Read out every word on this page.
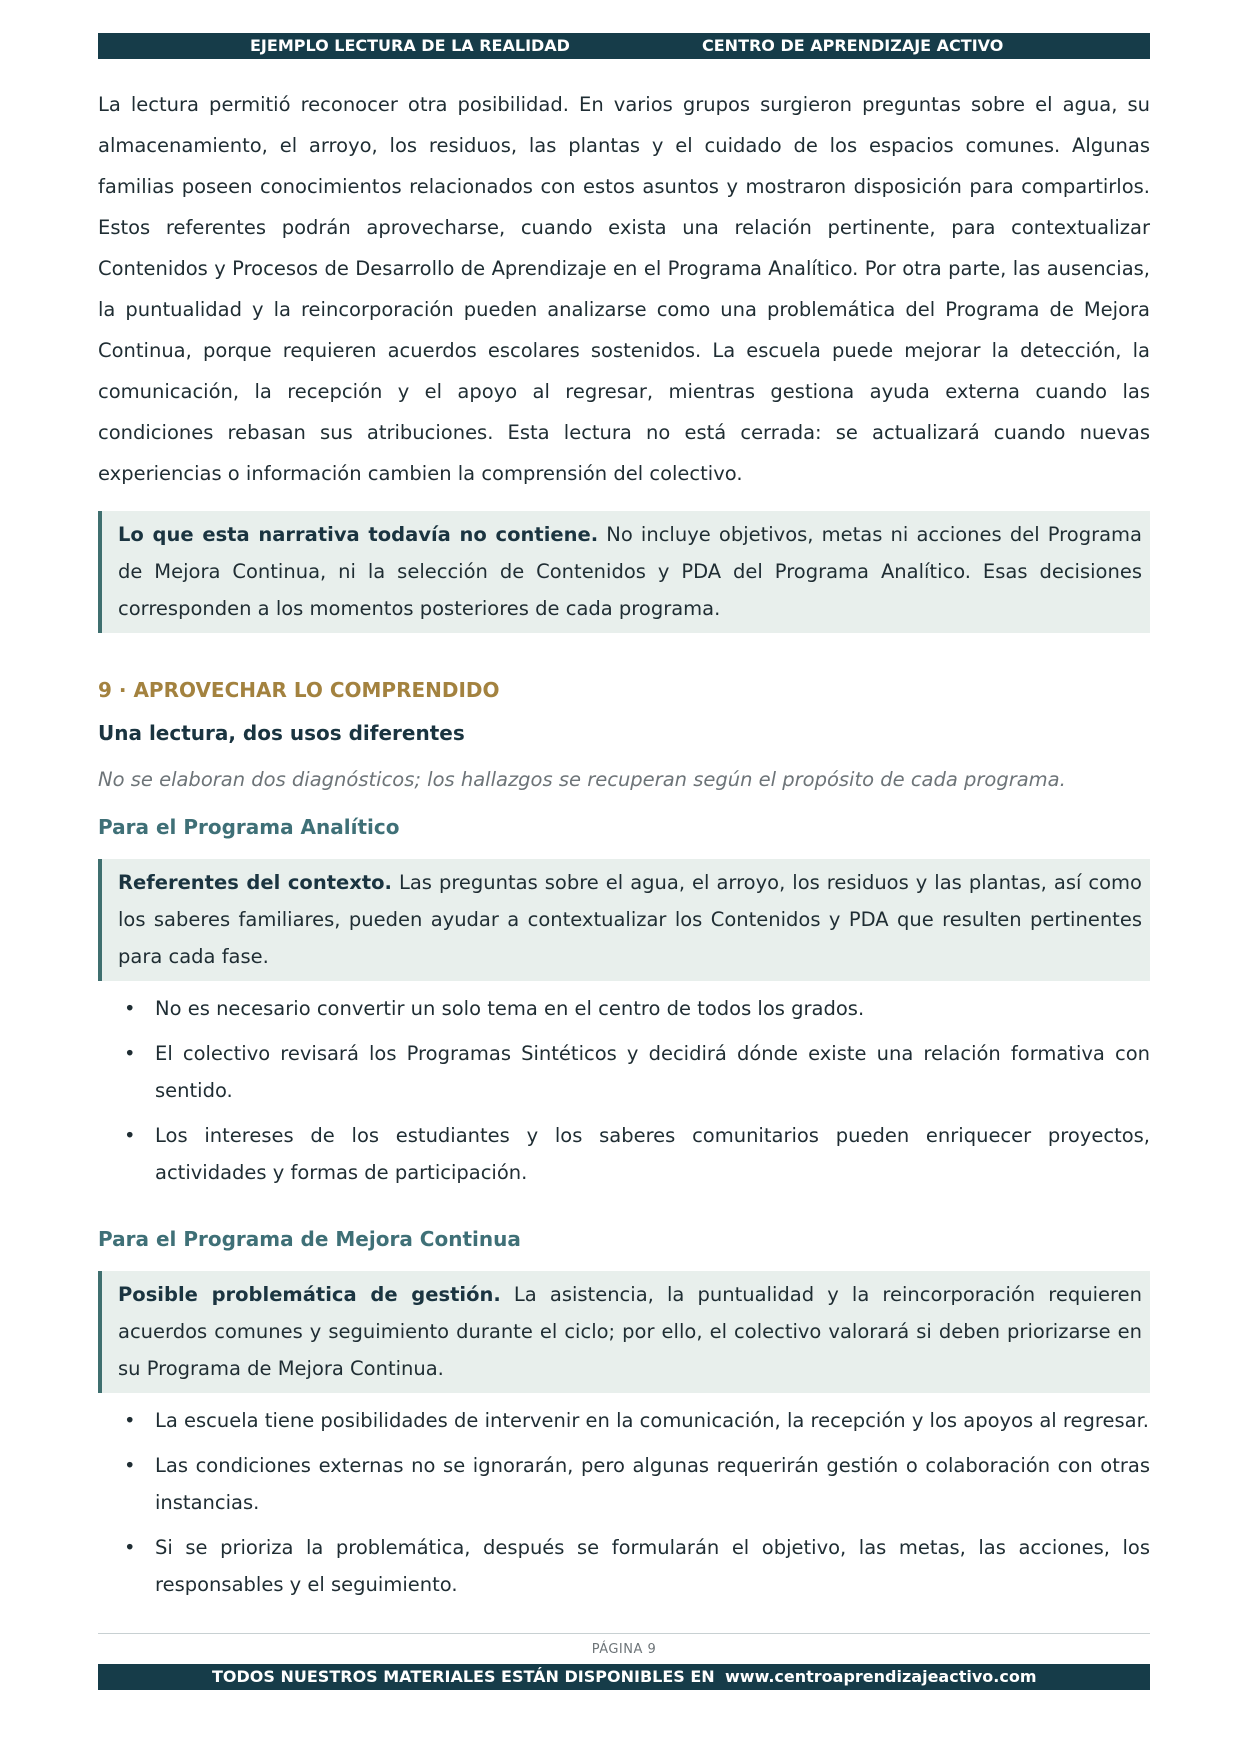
EJEMPLO LECTURA DE LA REALIDAD	CENTRO DE APRENDIZAJE ACTIVO

La lectura permitió reconocer otra posibilidad. En varios grupos surgieron preguntas sobre el agua, su almacenamiento, el arroyo, los residuos, las plantas y el cuidado de los espacios comunes. Algunas familias poseen conocimientos relacionados con estos asuntos y mostraron disposición para compartirlos. Estos referentes podrán aprovecharse, cuando exista una relación pertinente, para contextualizar Contenidos y Procesos de Desarrollo de Aprendizaje en el Programa Analítico. Por otra parte, las ausencias, la puntualidad y la reincorporación pueden analizarse como una problemática del Programa de Mejora Continua, porque requieren acuerdos escolares sostenidos. La escuela puede mejorar la detección, la comunicación, la recepción y el apoyo al regresar, mientras gestiona ayuda externa cuando las condiciones rebasan sus atribuciones. Esta lectura no está cerrada: se actualizará cuando nuevas experiencias o información cambien la comprensión del colectivo.

Lo que esta narrativa todavía no contiene. No incluye objetivos, metas ni acciones del Programa de Mejora Continua, ni la selección de Contenidos y PDA del Programa Analítico. Esas decisiones corresponden a los momentos posteriores de cada programa.

9 · APROVECHAR LO COMPRENDIDO
Una lectura, dos usos diferentes
No se elaboran dos diagnósticos; los hallazgos se recuperan según el propósito de cada programa.
Para el Programa Analítico

Referentes del contexto. Las preguntas sobre el agua, el arroyo, los residuos y las plantas, así como los saberes familiares, pueden ayudar a contextualizar los Contenidos y PDA que resulten pertinentes para cada fase.

• No es necesario convertir un solo tema en el centro de todos los grados.
• El colectivo revisará los Programas Sintéticos y decidirá dónde existe una relación formativa con sentido.
• Los intereses de los estudiantes y los saberes comunitarios pueden enriquecer proyectos, actividades y formas de participación.
Para el Programa de Mejora Continua

Posible problemática de gestión. La asistencia, la puntualidad y la reincorporación requieren acuerdos comunes y seguimiento durante el ciclo; por ello, el colectivo valorará si deben priorizarse en su Programa de Mejora Continua.

• La escuela tiene posibilidades de intervenir en la comunicación, la recepción y los apoyos al regresar.
• Las condiciones externas no se ignorarán, pero algunas requerirán gestión o colaboración con otras instancias.
• Si se prioriza la problemática, después se formularán el objetivo, las metas, las acciones, los responsables y el seguimiento.
PÁGINA 9
TODOS NUESTROS MATERIALES ESTÁN DISPONIBLES EN www.centroaprendizajeactivo.com
